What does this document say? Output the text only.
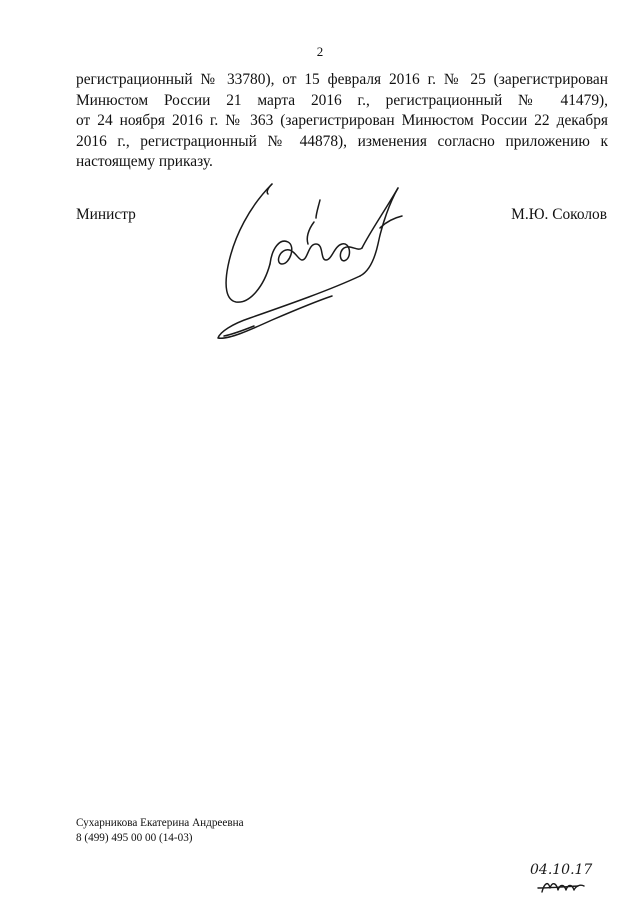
2
регистрационный № 33780), от 15 февраля 2016 г. № 25 (зарегистрирован
Минюстом России 21 марта 2016 г., регистрационный № 41479),
от 24 ноября 2016 г. № 363 (зарегистрирован Минюстом России 22 декабря
2016 г., регистрационный № 44878), изменения согласно приложению к
настоящему приказу.
Министр	М.Ю. Соколов
Сухарникова Екатерина Андреевна
8 (499) 495 00 00 (14-03)
04.10.17
